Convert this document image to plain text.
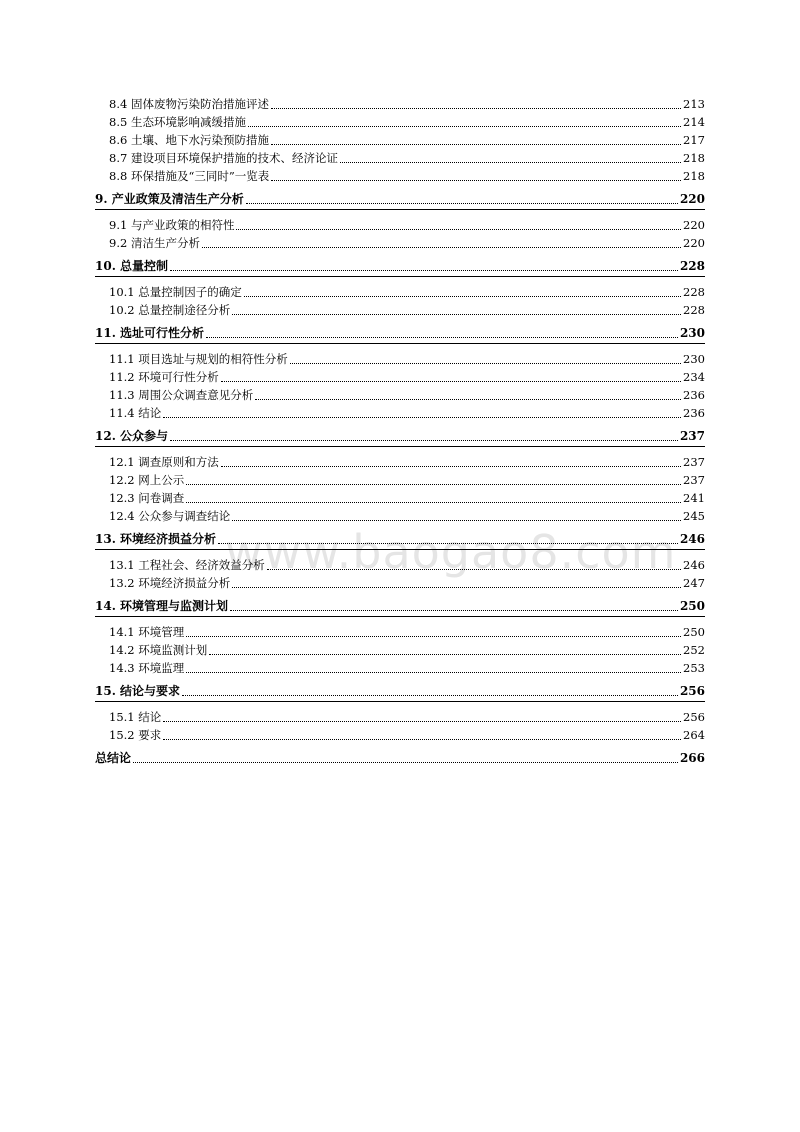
8.4 固体废物污染防治措施评述	213
8.5 生态环境影响减缓措施	214
8.6 土壤、地下水污染预防措施	217
8.7 建设项目环境保护措施的技术、经济论证	218
8.8 环保措施及“三同时”一览表	218
9. 产业政策及清洁生产分析	220
9.1 与产业政策的相符性	220
9.2 清洁生产分析	220
10. 总量控制	228
10.1 总量控制因子的确定	228
10.2 总量控制途径分析	228
11. 选址可行性分析	230
11.1 项目选址与规划的相符性分析	230
11.2 环境可行性分析	234
11.3 周围公众调查意见分析	236
11.4 结论	236
12. 公众参与	237
12.1 调查原则和方法	237
12.2 网上公示	237
12.3 问卷调查	241
12.4 公众参与调查结论	245
13. 环境经济损益分析	246
13.1 工程社会、经济效益分析	246
13.2 环境经济损益分析	247
14. 环境管理与监测计划	250
14.1 环境管理	250
14.2 环境监测计划	252
14.3 环境监理	253
15. 结论与要求	256
15.1 结论	256
15.2 要求	264
总结论	266
www.baogao8.com
